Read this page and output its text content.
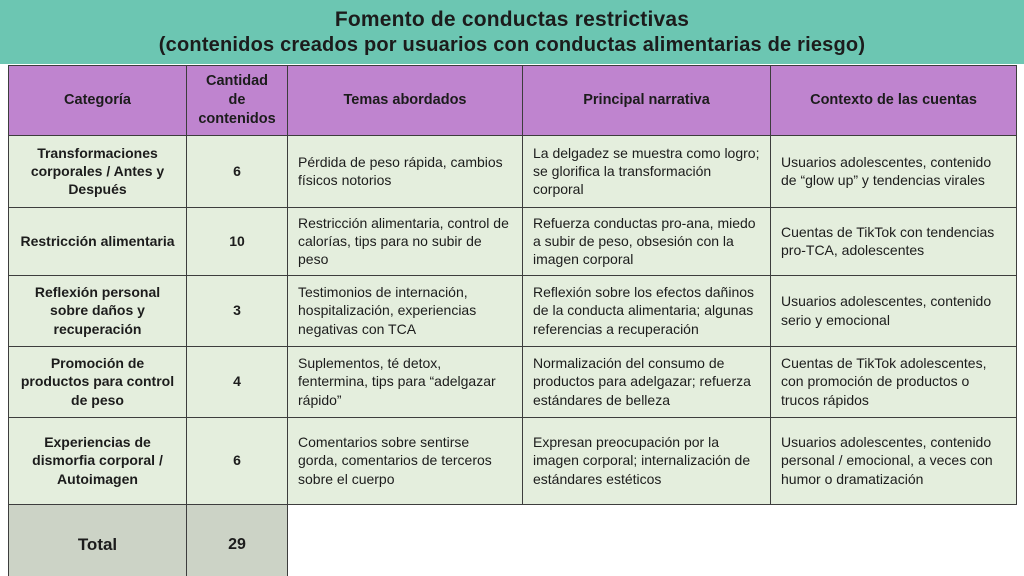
Fomento de conductas restrictivas
(contenidos creados por usuarios con conductas alimentarias de riesgo)
Categoría	Cantidad de contenidos	Temas abordados	Principal narrativa	Contexto de las cuentas
Transformaciones corporales / Antes y Después	6	Pérdida de peso rápida, cambios físicos notorios	La delgadez se muestra como logro; se glorifica la transformación corporal	Usuarios adolescentes, contenido de “glow up” y tendencias virales
Restricción alimentaria	10	Restricción alimentaria, control de calorías, tips para no subir de peso	Refuerza conductas pro-ana, miedo a subir de peso, obsesión con la imagen corporal	Cuentas de TikTok con tendencias pro-TCA, adolescentes
Reflexión personal sobre daños y recuperación	3	Testimonios de internación, hospitalización, experiencias negativas con TCA	Reflexión sobre los efectos dañinos de la conducta alimentaria; algunas referencias a recuperación	Usuarios adolescentes, contenido serio y emocional
Promoción de productos para control de peso	4	Suplementos, té detox, fentermina, tips para “adelgazar rápido”	Normalización del consumo de productos para adelgazar; refuerza estándares de belleza	Cuentas de TikTok adolescentes, con promoción de productos o trucos rápidos
Experiencias de dismorfia corporal / Autoimagen	6	Comentarios sobre sentirse gorda, comentarios de terceros sobre el cuerpo	Expresan preocupación por la imagen corporal; internalización de estándares estéticos	Usuarios adolescentes, contenido personal / emocional, a veces con humor o dramatización
Total	29			
